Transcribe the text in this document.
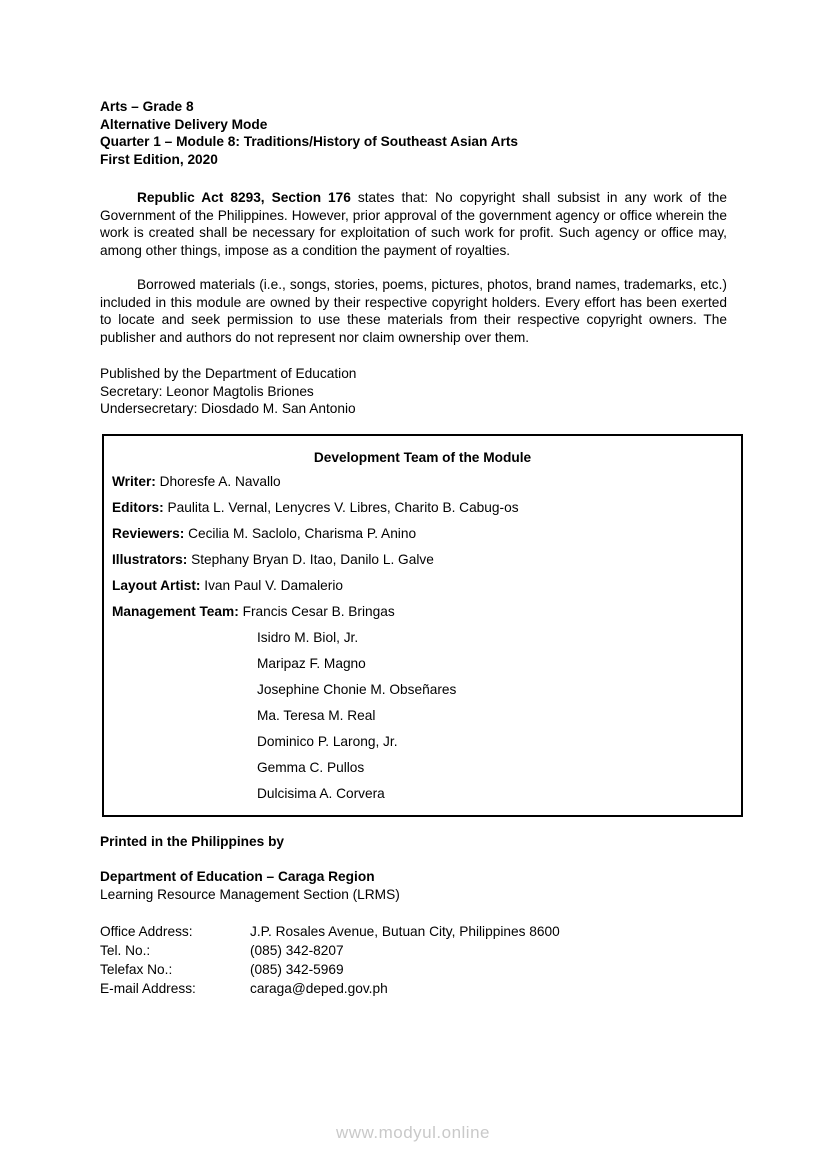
Arts – Grade 8
Alternative Delivery Mode
Quarter 1 – Module 8: Traditions/History of Southeast Asian Arts
First Edition, 2020

Republic Act 8293, Section 176 states that: No copyright shall subsist in any work of the Government of the Philippines. However, prior approval of the government agency or office wherein the work is created shall be necessary for exploitation of such work for profit. Such agency or office may, among other things, impose as a condition the payment of royalties.

Borrowed materials (i.e., songs, stories, poems, pictures, photos, brand names, trademarks, etc.) included in this module are owned by their respective copyright holders. Every effort has been exerted to locate and seek permission to use these materials from their respective copyright owners. The publisher and authors do not represent nor claim ownership over them.

Published by the Department of Education
Secretary: Leonor Magtolis Briones
Undersecretary: Diosdado M. San Antonio
Development Team of the Module
Writer: Dhoresfe A. Navallo
Editors: Paulita L. Vernal, Lenycres V. Libres, Charito B. Cabug-os
Reviewers: Cecilia M. Saclolo, Charisma P. Anino
Illustrators: Stephany Bryan D. Itao, Danilo L. Galve
Layout Artist: Ivan Paul V. Damalerio
Management Team: Francis Cesar B. Bringas
Isidro M. Biol, Jr.
Maripaz F. Magno
Josephine Chonie M. Obseñares
Ma. Teresa M. Real
Dominico P. Larong, Jr.
Gemma C. Pullos
Dulcisima A. Corvera
Printed in the Philippines by
Department of Education – Caraga Region
Learning Resource Management Section (LRMS)
Office Address:	J.P. Rosales Avenue, Butuan City, Philippines 8600
Tel. No.:	(085) 342-8207
Telefax No.:	(085) 342-5969
E-mail Address:	caraga@deped.gov.ph
www.modyul.online
